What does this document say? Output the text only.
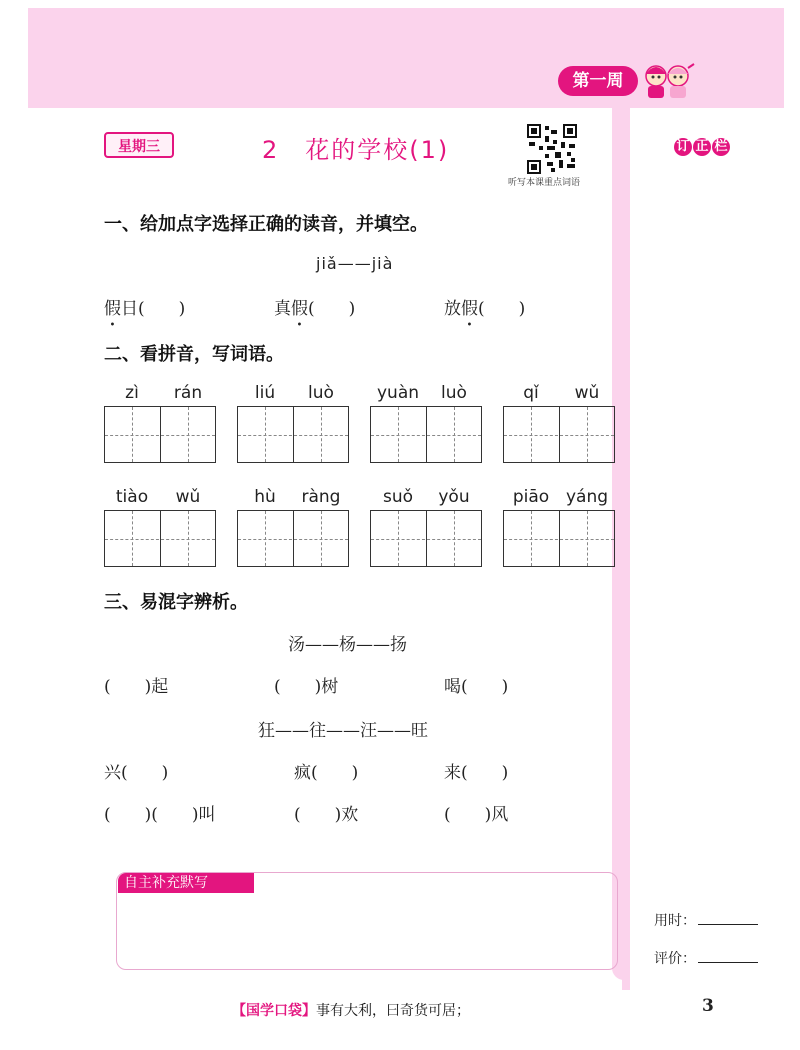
第一周
星期三	2　花的学校(1)
听写本课重点词语
订 正 栏
一、给加点字选择正确的读音，并填空。
jiǎ——jià
假日(　　)	真假(　　)	放假(　　)
二、看拼音，写词语。
zì	rán	liú	luò	yuàn	luò	qǐ	wǔ
tiào	wǔ	hù	ràng	suǒ	yǒu	piāo yáng
三、易混字辨析。
汤——杨——扬
(　　)起	(　　)树	喝(　　)
狂——往——汪——旺
兴(　　)	疯(　　)	来(　　)
(　　)(　　)叫	(　　)欢	(　　)风
自主补充默写
用时：
评价：
【国学口袋】事有大利，曰奇货可居；	3
